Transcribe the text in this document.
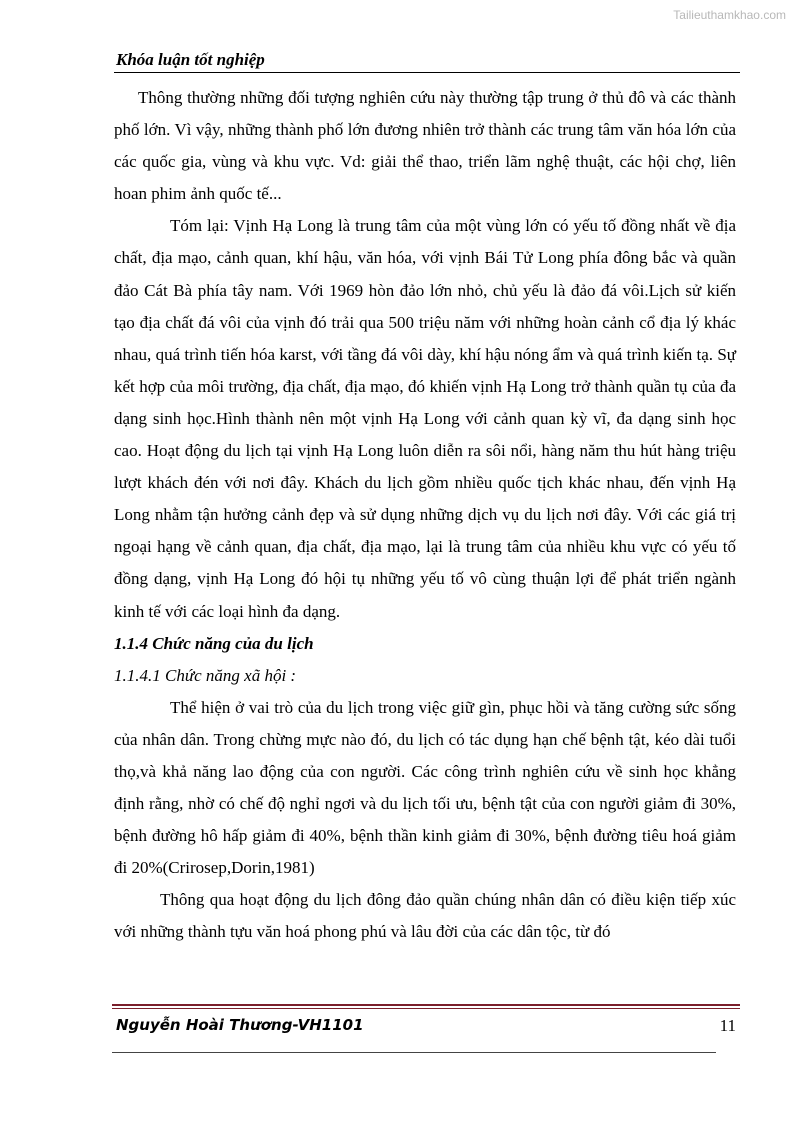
Tailieuthamkhao.com
Khóa luận tốt nghiệp

Thông thường những đối tượng nghiên cứu này thường tập trung ở thủ đô và các thành phố lớn. Vì vậy, những thành phố lớn đương nhiên trở thành các trung tâm văn hóa lớn của các quốc gia, vùng và khu vực. Vd: giải thể thao, triển lãm nghệ thuật, các hội chợ, liên hoan phim ảnh quốc tế...

Tóm lại: Vịnh Hạ Long là trung tâm của một vùng lớn có yếu tố đồng nhất về địa chất, địa mạo, cảnh quan, khí hậu, văn hóa, với vịnh Bái Tử Long phía đông bắc và quần đảo Cát Bà phía tây nam. Với 1969 hòn đảo lớn nhỏ, chủ yếu là đảo đá vôi.Lịch sử kiến tạo địa chất đá vôi của vịnh đó trải qua 500 triệu năm với những hoàn cảnh cổ địa lý khác nhau, quá trình tiến hóa karst, với tầng đá vôi dày, khí hậu nóng ẩm và quá trình kiến tạ. Sự kết hợp của môi trường, địa chất, địa mạo, đó khiến vịnh Hạ Long trở thành quần tụ của đa dạng sinh học.Hình thành nên một vịnh Hạ Long với cảnh quan kỳ vĩ, đa dạng sinh học cao. Hoạt động du lịch tại vịnh Hạ Long luôn diễn ra sôi nổi, hàng năm thu hút hàng triệu lượt khách đén với nơi đây. Khách du lịch gồm nhiều quốc tịch khác nhau, đến vịnh Hạ Long nhằm tận hưởng cảnh đẹp và sử dụng những dịch vụ du lịch nơi đây. Với các giá trị ngoại hạng về cảnh quan, địa chất, địa mạo, lại là trung tâm của nhiều khu vực có yếu tố đồng dạng, vịnh Hạ Long đó hội tụ những yếu tố vô cùng thuận lợi để phát triển ngành kinh tế với các loại hình đa dạng.

1.1.4 Chức năng của du lịch

1.1.4.1 Chức năng xã hội :

Thể hiện ở vai trò của du lịch trong việc giữ gìn, phục hồi và tăng cường sức sống của nhân dân. Trong chừng mực nào đó, du lịch có tác dụng hạn chế bệnh tật, kéo dài tuổi thọ,và khả năng lao động của con người. Các công trình nghiên cứu về sinh học khẳng định rằng, nhờ có chế độ nghỉ ngơi và du lịch tối ưu, bệnh tật của con người giảm đi 30%, bệnh đường hô hấp giảm đi 40%, bệnh thần kinh giảm đi 30%, bệnh đường tiêu hoá giảm đi 20%(Crirosep,Dorin,1981)

Thông qua hoạt động du lịch đông đảo quần chúng nhân dân có điều kiện tiếp xúc với những thành tựu văn hoá phong phú và lâu đời của các dân tộc, từ đó

Nguyễn Hoài Thương-VH1101	11
